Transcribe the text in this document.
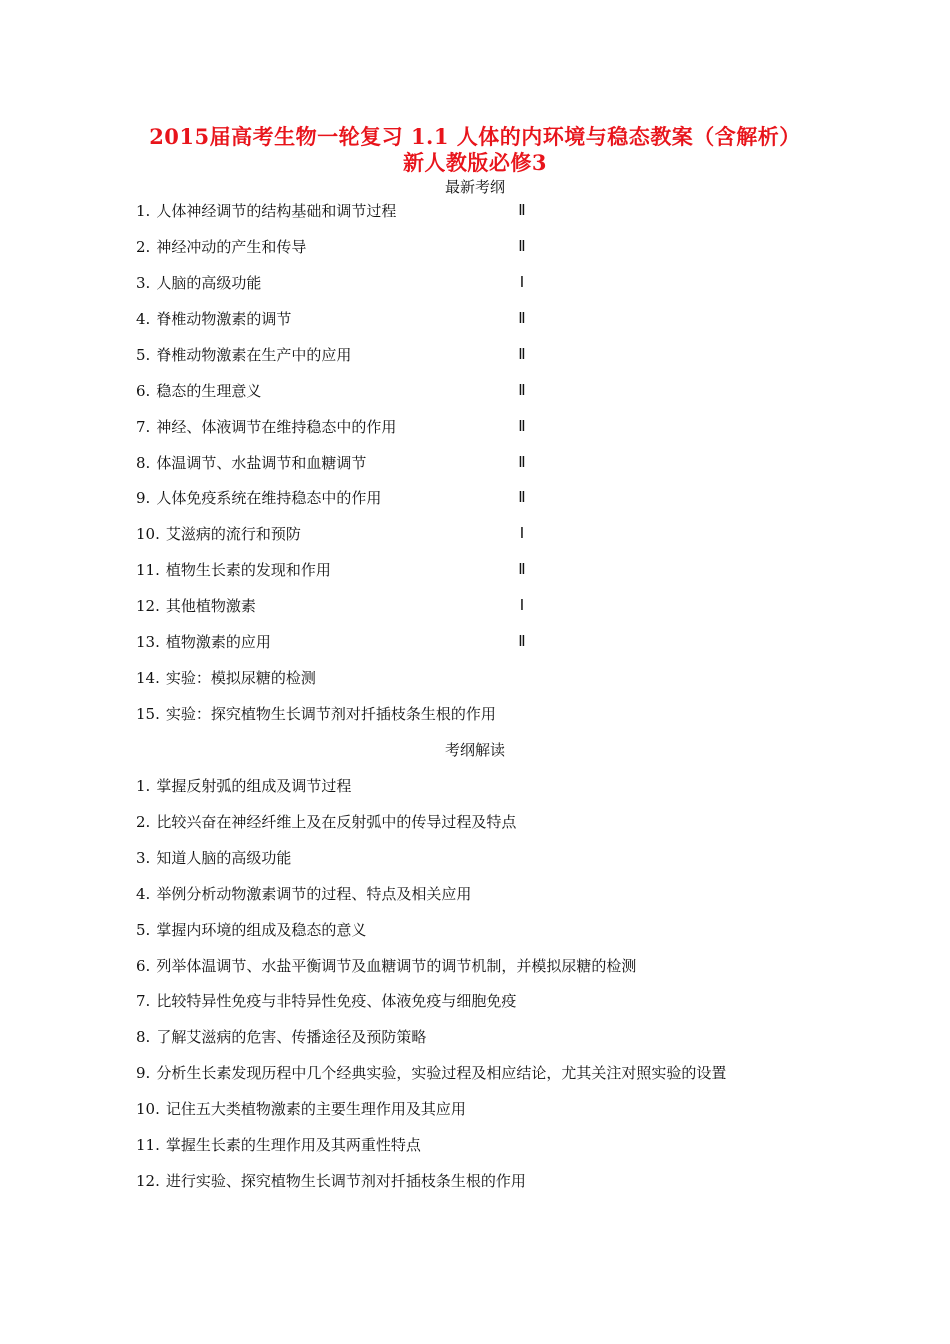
2015届高考生物一轮复习 1.1 人体的内环境与稳态教案（含解析）
新人教版必修3
最新考纲
1. 人体神经调节的结构基础和调节过程	Ⅱ
2. 神经冲动的产生和传导	Ⅱ
3. 人脑的高级功能	Ⅰ
4. 脊椎动物激素的调节	Ⅱ
5. 脊椎动物激素在生产中的应用	Ⅱ
6. 稳态的生理意义	Ⅱ
7. 神经、体液调节在维持稳态中的作用	Ⅱ
8. 体温调节、水盐调节和血糖调节	Ⅱ
9. 人体免疫系统在维持稳态中的作用	Ⅱ
10. 艾滋病的流行和预防	Ⅰ
11. 植物生长素的发现和作用	Ⅱ
12. 其他植物激素	Ⅰ
13. 植物激素的应用	Ⅱ
14. 实验：模拟尿糖的检测
15. 实验：探究植物生长调节剂对扦插枝条生根的作用
考纲解读
1. 掌握反射弧的组成及调节过程
2. 比较兴奋在神经纤维上及在反射弧中的传导过程及特点
3. 知道人脑的高级功能
4. 举例分析动物激素调节的过程、特点及相关应用
5. 掌握内环境的组成及稳态的意义
6. 列举体温调节、水盐平衡调节及血糖调节的调节机制，并模拟尿糖的检测
7. 比较特异性免疫与非特异性免疫、体液免疫与细胞免疫
8. 了解艾滋病的危害、传播途径及预防策略
9. 分析生长素发现历程中几个经典实验，实验过程及相应结论，尤其关注对照实验的设置
10. 记住五大类植物激素的主要生理作用及其应用
11. 掌握生长素的生理作用及其两重性特点
12. 进行实验、探究植物生长调节剂对扦插枝条生根的作用
